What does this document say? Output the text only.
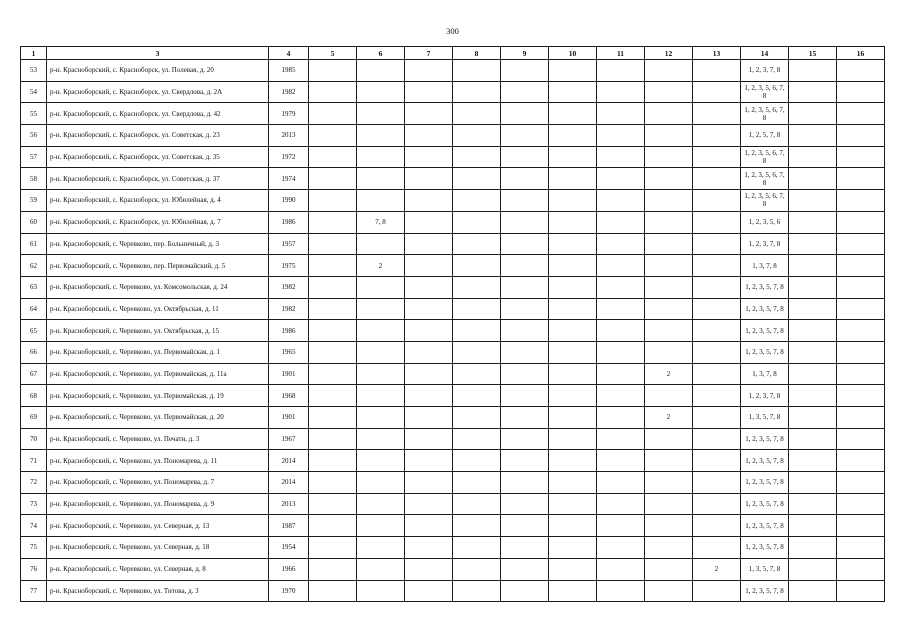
300
1	3	4	5	6	7	8	9	10	11	12	13	14	15	16
53	р-н. Красноборский, с. Красноборск, ул. Полевая, д. 20	1985										1, 2, 3, 7, 8		
54	р-н. Красноборский, с. Красноборск, ул. Свердлова, д. 2А	1982										1, 2, 3, 5, 6, 7, 8		
55	р-н. Красноборский, с. Красноборск, ул. Свердлова, д. 42	1979										1, 2, 3, 5, 6, 7, 8		
56	р-н. Красноборский, с. Красноборск, ул. Советская, д. 23	2013										1, 2, 5, 7, 8		
57	р-н. Красноборский, с. Красноборск, ул. Советская, д. 35	1972										1, 2, 3, 5, 6, 7, 8		
58	р-н. Красноборский, с. Красноборск, ул. Советская, д. 37	1974										1, 2, 3, 5, 6, 7, 8		
59	р-н. Красноборский, с. Красноборск, ул. Юбилейная, д. 4	1990										1, 2, 3, 5, 6, 7, 8		
60	р-н. Красноборский, с. Красноборск, ул. Юбилейная, д. 7	1986		7, 8								1, 2, 3, 5, 6		
61	р-н. Красноборский, с. Черевково, пер. Больничный, д. 3	1957										1, 2, 3, 7, 8		
62	р-н. Красноборский, с. Черевково, пер. Первомайский, д. 5	1975		2								1, 3, 7, 8		
63	р-н. Красноборский, с. Черевково, ул. Комсомольская, д. 24	1982										1, 2, 3, 5, 7, 8		
64	р-н. Красноборский, с. Черевково, ул. Октябрьская, д. 11	1982										1, 2, 3, 5, 7, 8		
65	р-н. Красноборский, с. Черевково, ул. Октябрьская, д. 15	1986										1, 2, 3, 5, 7, 8		
66	р-н. Красноборский, с. Черевково, ул. Первомайская, д. 1	1965										1, 2, 3, 5, 7, 8		
67	р-н. Красноборский, с. Черевково, ул. Первомайская, д. 11а	1901								2		1, 3, 7, 8		
68	р-н. Красноборский, с. Черевково, ул. Первомайская, д. 19	1968										1, 2, 3, 7, 8		
69	р-н. Красноборский, с. Черевково, ул. Первомайская, д. 20	1901								2		1, 3, 5, 7, 8		
70	р-н. Красноборский, с. Черевково, ул. Печати, д. 3	1967										1, 2, 3, 5, 7, 8		
71	р-н. Красноборский, с. Черевково, ул. Пономарева, д. 11	2014										1, 2, 3, 5, 7, 8		
72	р-н. Красноборский, с. Черевково, ул. Пономарева, д. 7	2014										1, 2, 3, 5, 7, 8		
73	р-н. Красноборский, с. Черевково, ул. Пономарева, д. 9	2013										1, 2, 3, 5, 7, 8		
74	р-н. Красноборский, с. Черевково, ул. Северная, д. 13	1987										1, 2, 3, 5, 7, 8		
75	р-н. Красноборский, с. Черевково, ул. Северная, д. 18	1954										1, 2, 3, 5, 7, 8		
76	р-н. Красноборский, с. Черевково, ул. Северная, д. 8	1966									2	1, 3, 5, 7, 8		
77	р-н. Красноборский, с. Черевково, ул. Титова, д. 3	1970										1, 2, 3, 5, 7, 8		
